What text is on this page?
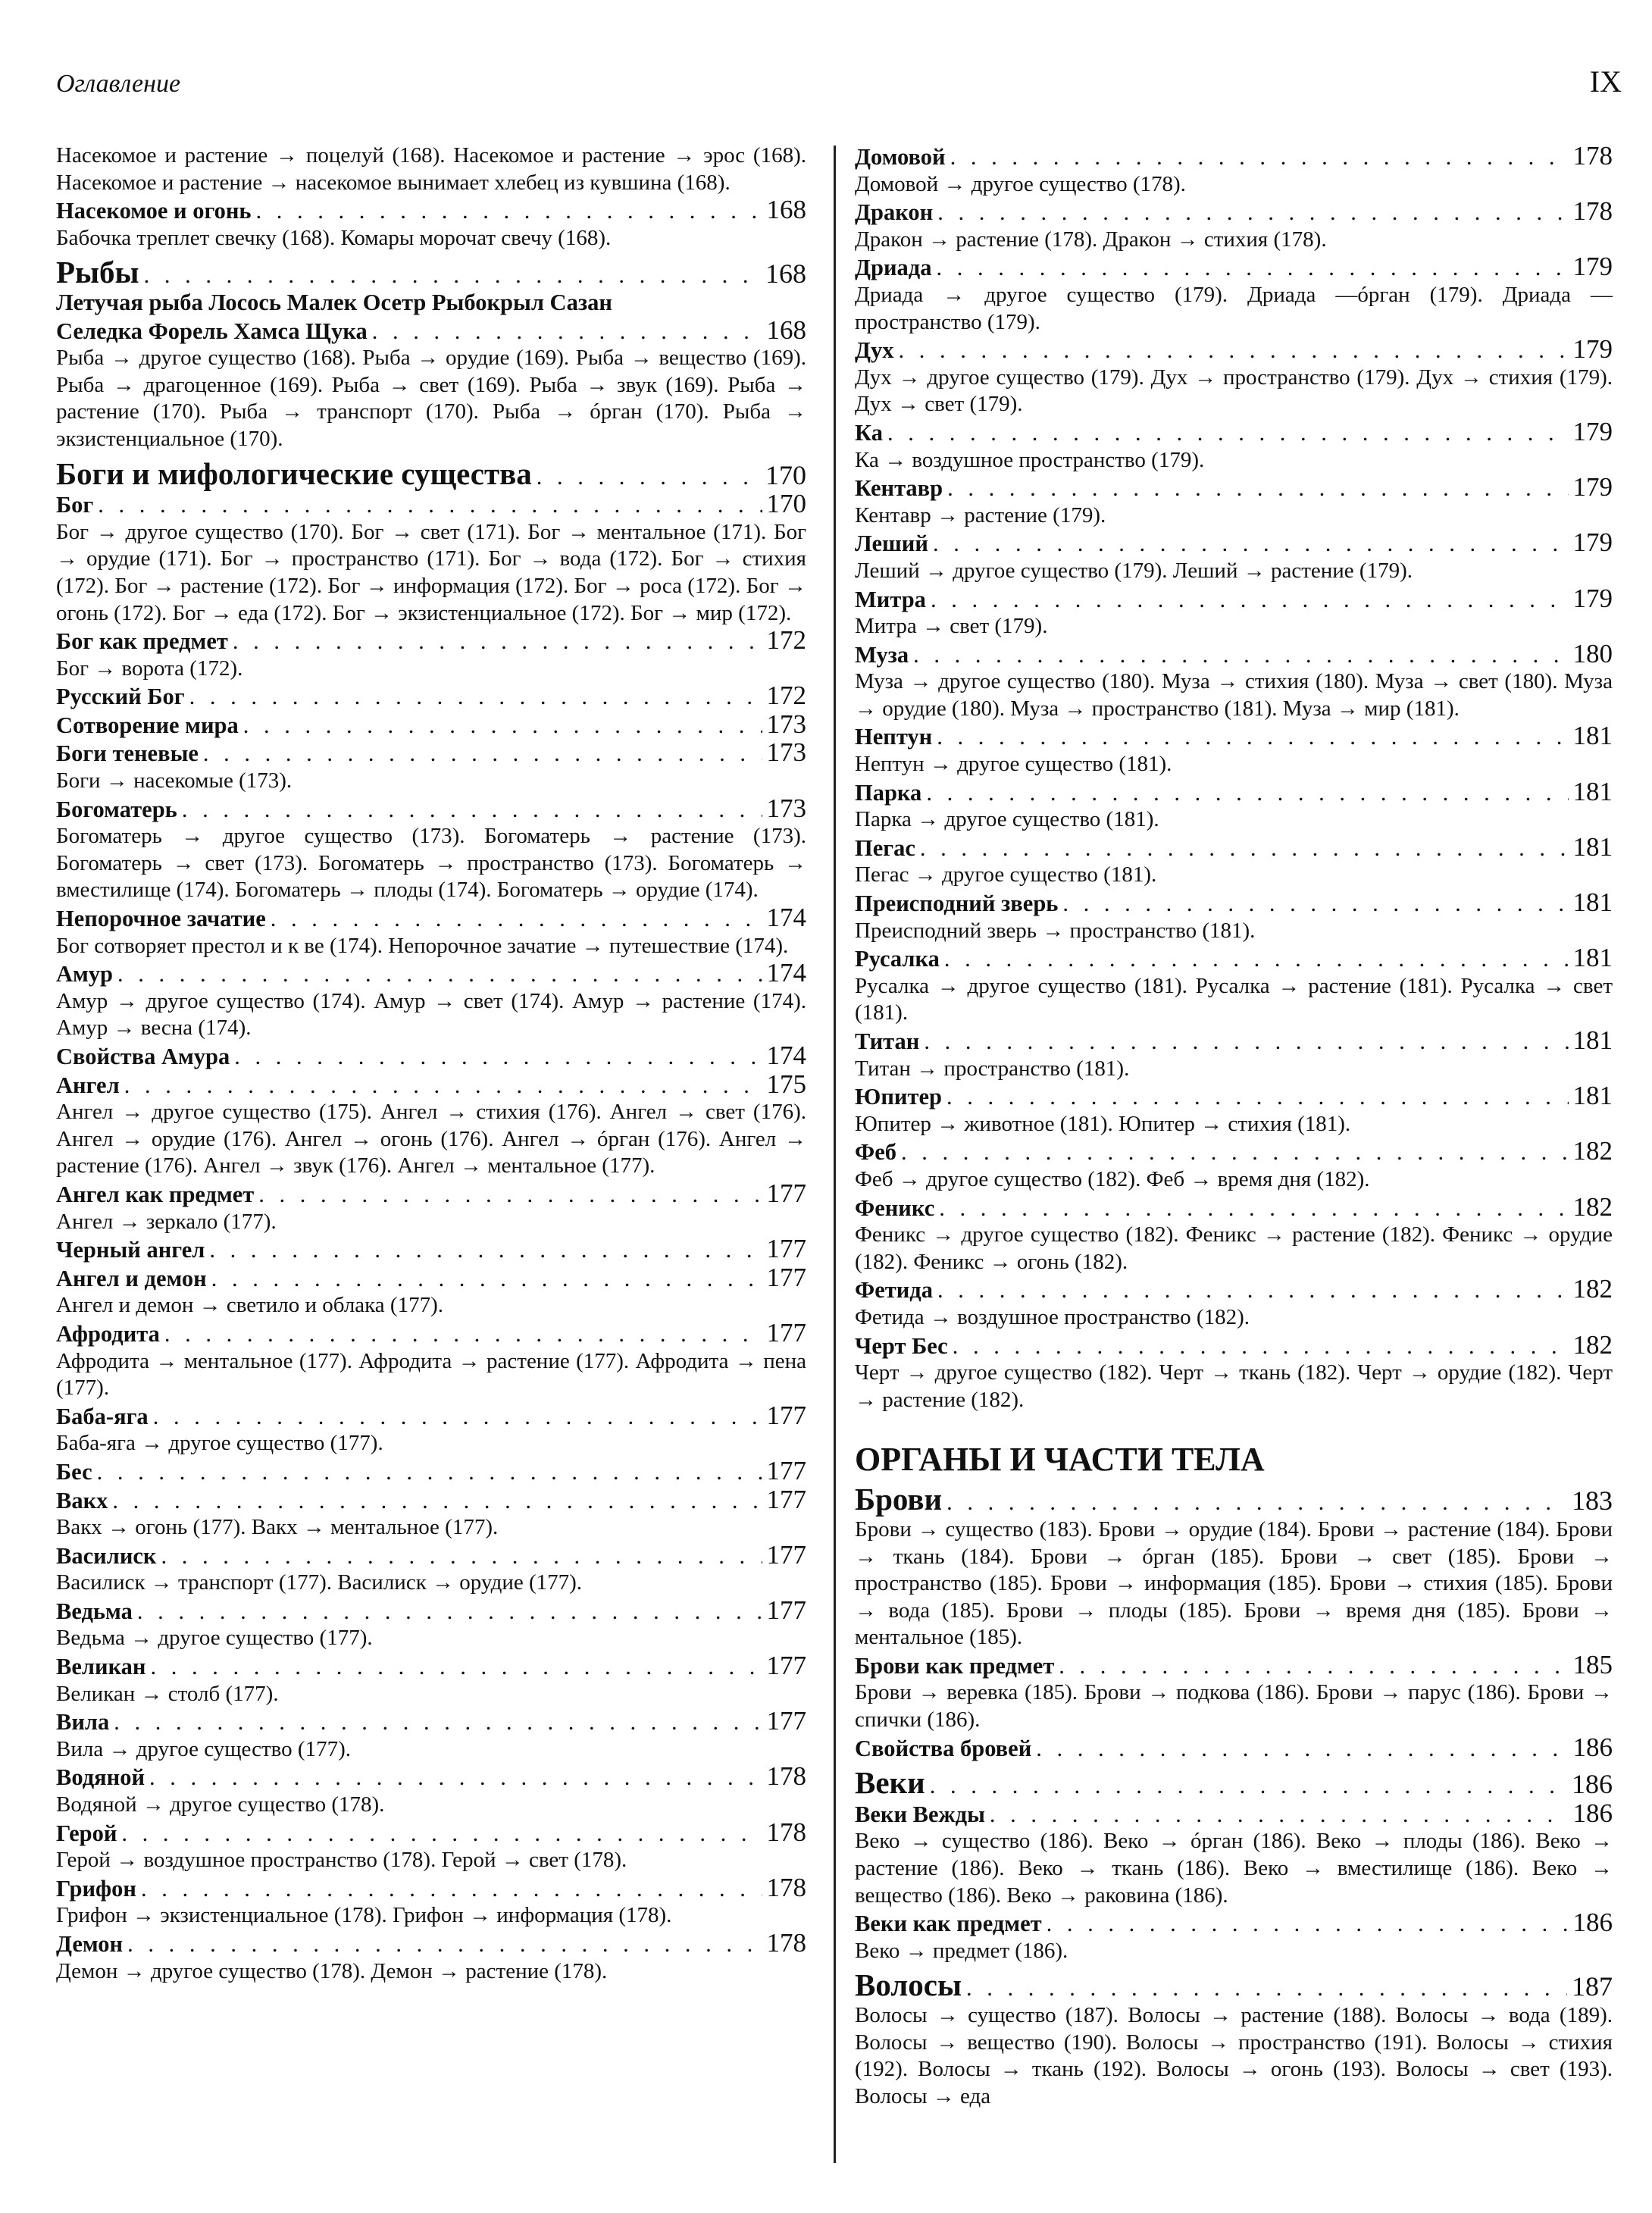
Оглавление	IX
Насекомое и растение → поцелуй (168). Насекомое и растение → эрос (168). Насекомое и растение → насекомое вынимает хлебец из кувшина (168).
Насекомое и огонь . . .	168
Бабочка треплет свечку (168). Комары морочат свечу (168).
Рыбы . . .	168
Летучая рыба Лосось Малек Осетр Рыбокрыл Сазан
Селедка Форель Хамса Щука . . .	168
Рыба → другое существо (168). Рыба → орудие (169). Рыба → вещество (169). Рыба → драгоценное (169). Рыба → свет (169). Рыба → звук (169). Рыба → растение (170). Рыба → транспорт (170). Рыба → óрган (170). Рыба → экзистенциальное (170).
Боги и мифологические существа . . .	170
Бог . . .	170
Бог → другое существо (170). Бог → свет (171). Бог → ментальное (171). Бог → орудие (171). Бог → пространство (171). Бог → вода (172). Бог → стихия (172). Бог → растение (172). Бог → информация (172). Бог → роса (172). Бог → огонь (172). Бог → еда (172). Бог → экзистенциальное (172). Бог → мир (172).
Бог как предмет . . .	172
Бог → ворота (172).
Русский Бог . . .	172
Сотворение мира . . .	173
Боги теневые . . .	173
Боги → насекомые (173).
Богоматерь . . .	173
Богоматерь → другое существо (173). Богоматерь → растение (173). Богоматерь → свет (173). Богоматерь → пространство (173). Богоматерь → вместилище (174). Богоматерь → плоды (174). Богоматерь → орудие (174).
Непорочное зачатие . . .	174
Бог сотворяет престол и к ве (174). Непорочное зачатие → путешествие (174).
Амур . . .	174
Амур → другое существо (174). Амур → свет (174). Амур → растение (174). Амур → весна (174).
Свойства Амура . . .	174
Ангел . . .	175
Ангел → другое существо (175). Ангел → стихия (176). Ангел → свет (176). Ангел → орудие (176). Ангел → огонь (176). Ангел → óрган (176). Ангел → растение (176). Ангел → звук (176). Ангел → ментальное (177).
Ангел как предмет . . .	177
Ангел → зеркало (177).
Черный ангел . . .	177
Ангел и демон . . .	177
Ангел и демон → светило и облака (177).
Афродита . . .	177
Афродита → ментальное (177). Афродита → растение (177). Афродита → пена (177).
Баба-яга . . .	177
Баба-яга → другое существо (177).
Бес . . .	177
Вакх . . .	177
Вакх → огонь (177). Вакх → ментальное (177).
Василиск . . .	177
Василиск → транспорт (177). Василиск → орудие (177).
Ведьма . . .	177
Ведьма → другое существо (177).
Великан . . .	177
Великан → столб (177).
Вила . . .	177
Вила → другое существо (177).
Водяной . . .	178
Водяной → другое существо (178).
Герой . . .	178
Герой → воздушное пространство (178). Герой → свет (178).
Грифон . . .	178
Грифон → экзистенциальное (178). Грифон → информация (178).
Демон . . .	178
Демон → другое существо (178). Демон → растение (178).
Домовой . . .	178
Домовой → другое существо (178).
Дракон . . .	178
Дракон → растение (178). Дракон → стихия (178).
Дриада . . .	179
Дриада → другое существо (179). Дриада —óрган (179). Дриада — пространство (179).
Дух . . .	179
Дух → другое существо (179). Дух → пространство (179). Дух → стихия (179). Дух → свет (179).
Ка . . .	179
Ка → воздушное пространство (179).
Кентавр . . .	179
Кентавр → растение (179).
Леший . . .	179
Леший → другое существо (179). Леший → растение (179).
Митра . . .	179
Митра → свет (179).
Муза . . .	180
Муза → другое существо (180). Муза → стихия (180). Муза → свет (180). Муза → орудие (180). Муза → пространство (181). Муза → мир (181).
Нептун . . .	181
Нептун → другое существо (181).
Парка . . .	181
Парка → другое существо (181).
Пегас . . .	181
Пегас → другое существо (181).
Преисподний зверь . . .	181
Преисподний зверь → пространство (181).
Русалка . . .	181
Русалка → другое существо (181). Русалка → растение (181). Русалка → свет (181).
Титан . . .	181
Титан → пространство (181).
Юпитер . . .	181
Юпитер → животное (181). Юпитер → стихия (181).
Феб . . .	182
Феб → другое существо (182). Феб → время дня (182).
Феникс . . .	182
Феникс → другое существо (182). Феникс → растение (182). Феникс → орудие (182). Феникс → огонь (182).
Фетида . . .	182
Фетида → воздушное пространство (182).
Черт Бес . . .	182
Черт → другое существо (182). Черт → ткань (182). Черт → орудие (182). Черт → растение (182).
ОРГАНЫ И ЧАСТИ ТЕЛА
Брови . . .	183
Брови → существо (183). Брови → орудие (184). Брови → растение (184). Брови → ткань (184). Брови → óрган (185). Брови → свет (185). Брови → пространство (185). Брови → информация (185). Брови → стихия (185). Брови → вода (185). Брови → плоды (185). Брови → время дня (185). Брови → ментальное (185).
Брови как предмет . . .	185
Брови → веревка (185). Брови → подкова (186). Брови → парус (186). Брови → спички (186).
Свойства бровей . . .	186
Веки . . .	186
Веки Вежды . . .	186
Веко → существо (186). Веко → óрган (186). Веко → плоды (186). Веко → растение (186). Веко → ткань (186). Веко → вместилище (186). Веко → вещество (186). Веко → раковина (186).
Веки как предмет . . .	186
Веко → предмет (186).
Волосы . . .	187
Волосы → существо (187). Волосы → растение (188). Волосы → вода (189). Волосы → вещество (190). Волосы → пространство (191). Волосы → стихия (192). Волосы → ткань (192). Волосы → огонь (193). Волосы → свет (193). Волосы → еда
